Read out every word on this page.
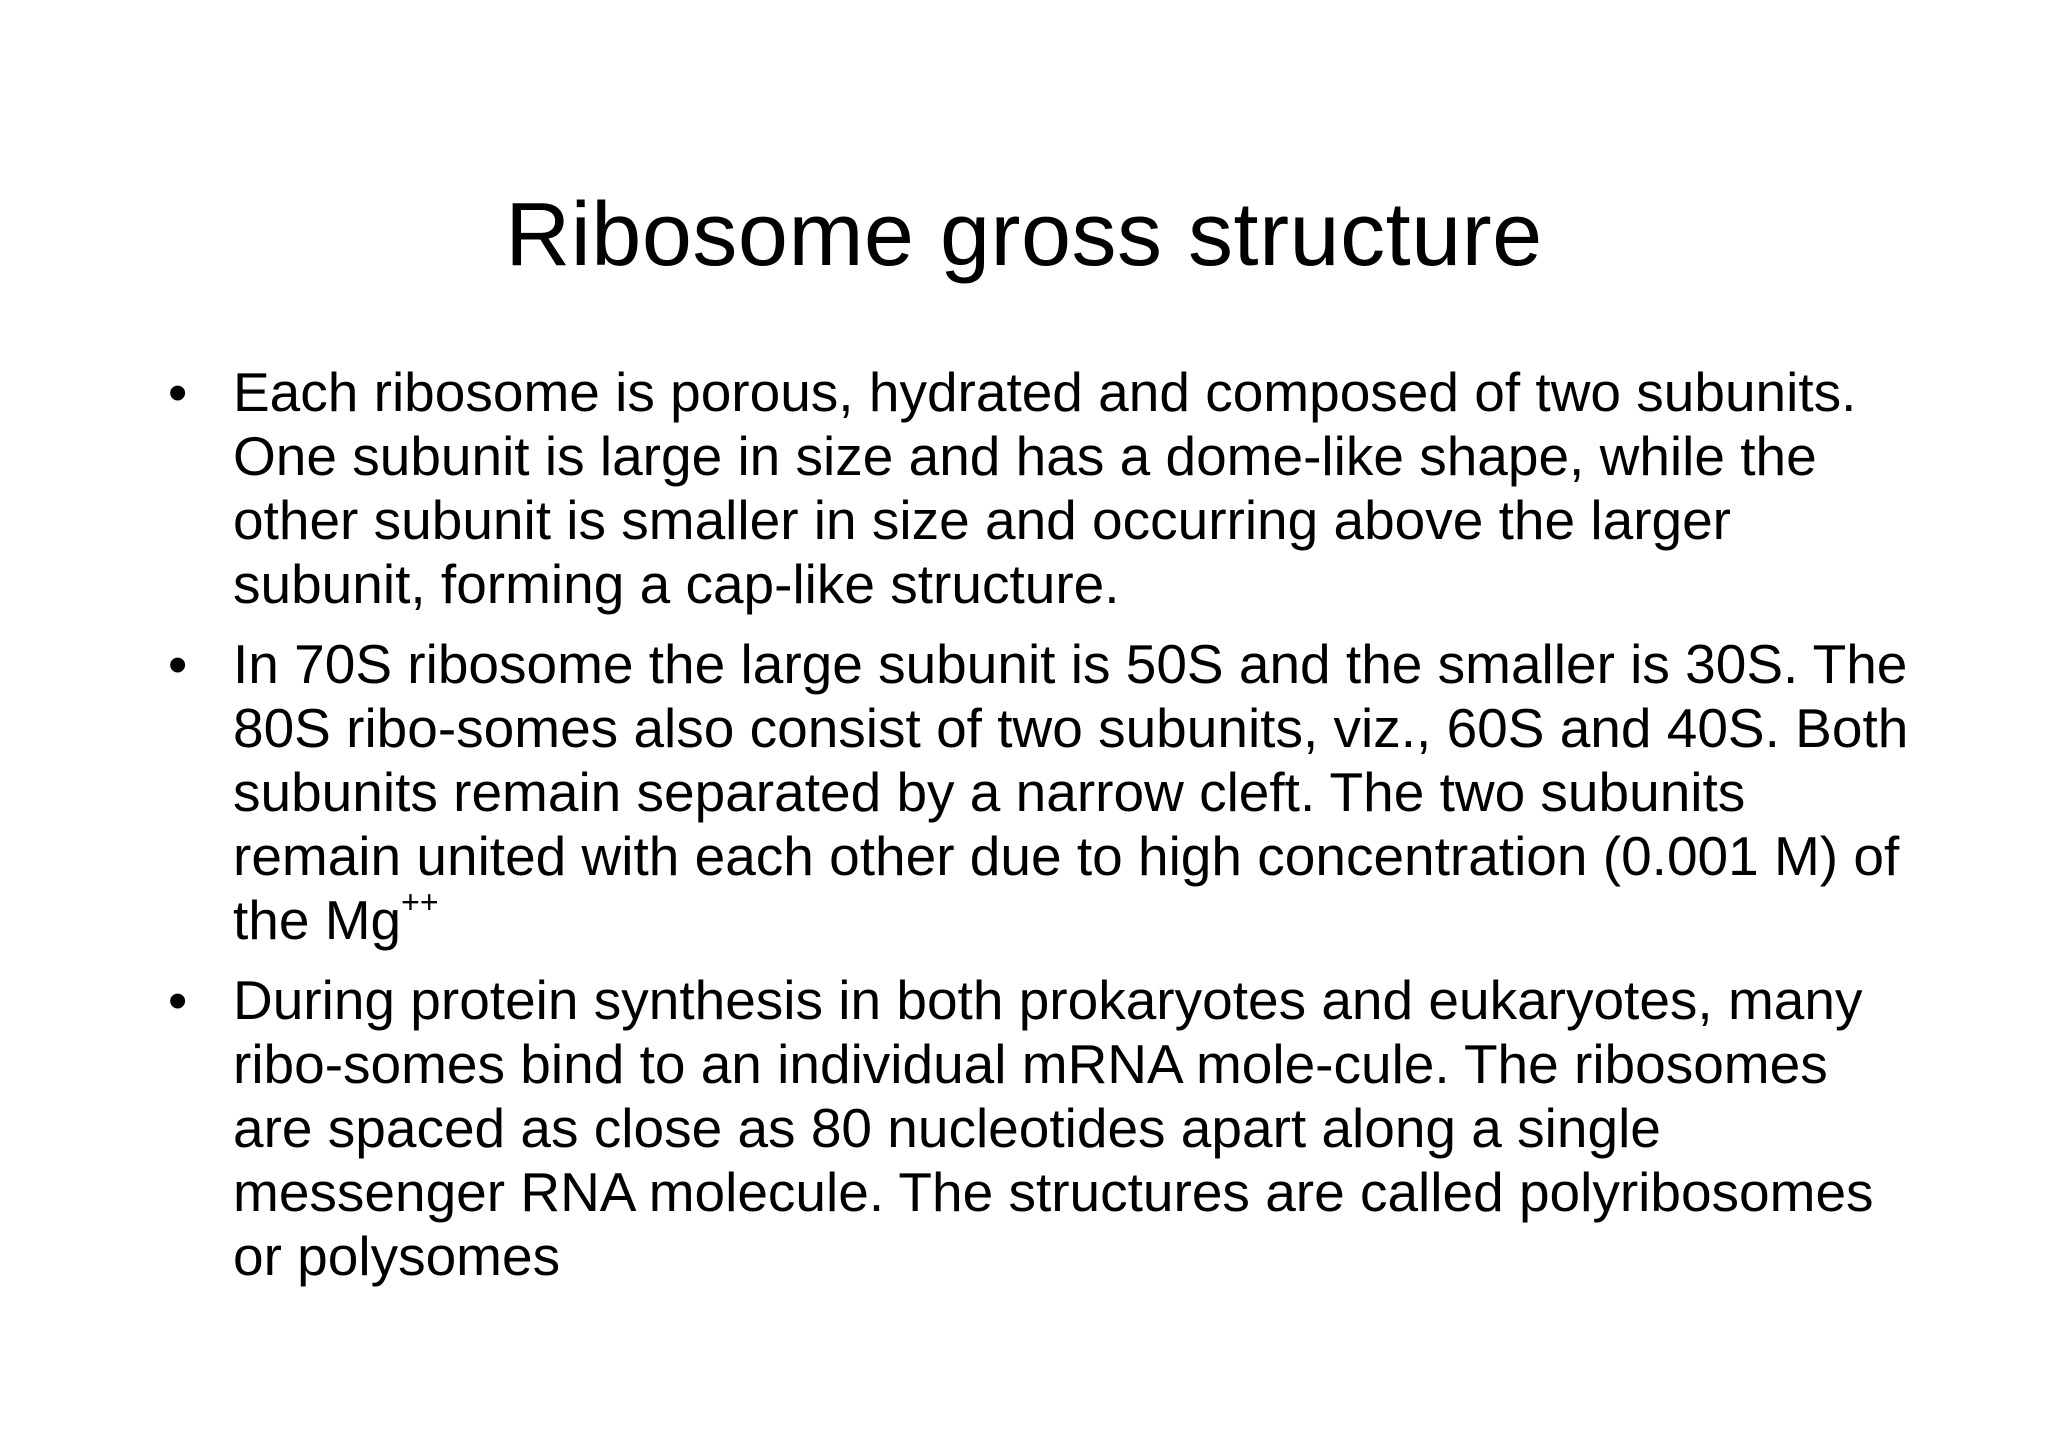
Ribosome gross structure
• Each ribosome is porous, hydrated and composed of two subunits. One subunit is large in size and has a dome-like shape, while the other subunit is smaller in size and occurring above the larger subunit, forming a cap-like structure.
• In 70S ribosome the large subunit is 50S and the smaller is 30S. The 80S ribo-somes also consist of two subunits, viz., 60S and 40S. Both subunits remain separated by a narrow cleft. The two subunits remain united with each other due to high concentration (0.001 M) of the Mg++
• During protein synthesis in both prokaryotes and eukaryotes, many ribo-somes bind to an individual mRNA mole-cule. The ribosomes are spaced as close as 80 nucleotides apart along a single messenger RNA molecule. The structures are called polyribosomes or polysomes
